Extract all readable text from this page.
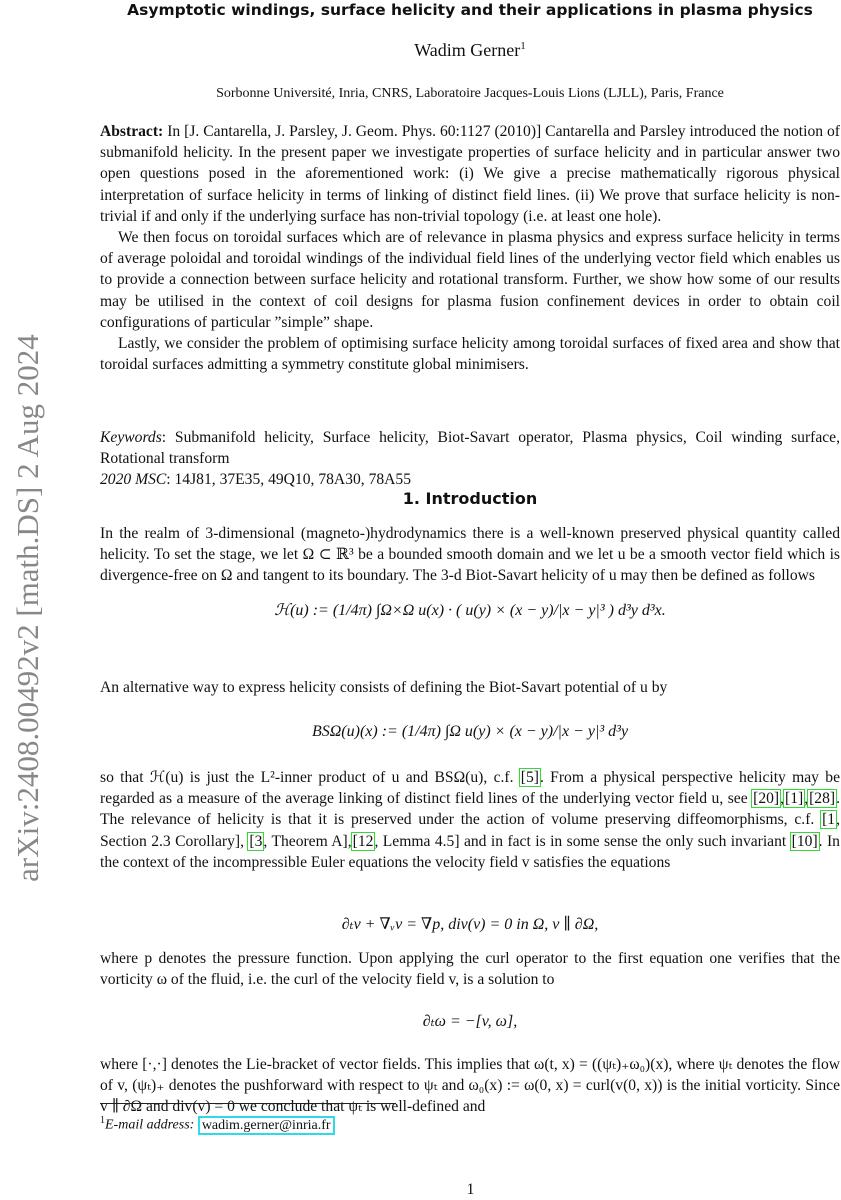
arXiv:2408.00492v2 [math.DS] 2 Aug 2024
Asymptotic windings, surface helicity and their applications in plasma physics
Wadim Gerner$^1$
Sorbonne Université, Inria, CNRS, Laboratoire Jacques-Louis Lions (LJLL), Paris, France
Abstract: In [J. Cantarella, J. Parsley, J. Geom. Phys. 60:1127 (2010)] Cantarella and Parsley introduced the notion of submanifold helicity. In the present paper we investigate properties of surface helicity and in particular answer two open questions posed in the aforementioned work: (i) We give a precise mathematically rigorous physical interpretation of surface helicity in terms of linking of distinct field lines. (ii) We prove that surface helicity is non-trivial if and only if the underlying surface has non-trivial topology (i.e. at least one hole).
We then focus on toroidal surfaces which are of relevance in plasma physics and express surface helicity in terms of average poloidal and toroidal windings of the individual field lines of the underlying vector field which enables us to provide a connection between surface helicity and rotational transform. Further, we show how some of our results may be utilised in the context of coil designs for plasma fusion confinement devices in order to obtain coil configurations of particular ”simple” shape.
Lastly, we consider the problem of optimising surface helicity among toroidal surfaces of fixed area and show that toroidal surfaces admitting a symmetry constitute global minimisers.
Keywords: Submanifold helicity, Surface helicity, Biot-Savart operator, Plasma physics, Coil winding surface, Rotational transform
2020 MSC: 14J81, 37E35, 49Q10, 78A30, 78A55
1. Introduction
In the realm of 3-dimensional (magneto-)hydrodynamics there is a well-known preserved physical quantity called helicity. To set the stage, we let Ω ⊂ ℝ³ be a bounded smooth domain and we let u be a smooth vector field which is divergence-free on Ω and tangent to its boundary. The 3-d Biot-Savart helicity of u may then be defined as follows
ℋ(u) := (1/4π) ∫Ω×Ω u(x) · ( u(y) × (x − y)/|x − y|³ ) d³y d³x.
An alternative way to express helicity consists of defining the Biot-Savart potential of u by
BSΩ(u)(x) := (1/4π) ∫Ω u(y) × (x − y)/|x − y|³ d³y
so that ℋ(u) is just the L²-inner product of u and BSΩ(u), c.f. [5]. From a physical perspective helicity may be regarded as a measure of the average linking of distinct field lines of the underlying vector field u, see [20],[1],[28]. The relevance of helicity is that it is preserved under the action of volume preserving diffeomorphisms, c.f. [1, Section 2.3 Corollary], [3, Theorem A],[12, Lemma 4.5] and in fact is in some sense the only such invariant [10]. In the context of the incompressible Euler equations the velocity field v satisfies the equations
∂ₜv + ∇ᵥv = ∇p, div(v) = 0 in Ω, v ∥ ∂Ω,
where p denotes the pressure function. Upon applying the curl operator to the first equation one verifies that the vorticity ω of the fluid, i.e. the curl of the velocity field v, is a solution to
∂ₜω = −[v, ω],
where [·,·] denotes the Lie-bracket of vector fields. This implies that ω(t, x) = ((ψₜ)₊ω₀)(x), where ψₜ denotes the flow of v, (ψₜ)₊ denotes the pushforward with respect to ψₜ and ω₀(x) := ω(0, x) = curl(v(0, x)) is the initial vorticity. Since v ∥ ∂Ω and div(v) = 0 we conclude that ψₜ is well-defined and
$^1$E-mail address: wadim.gerner@inria.fr
1
